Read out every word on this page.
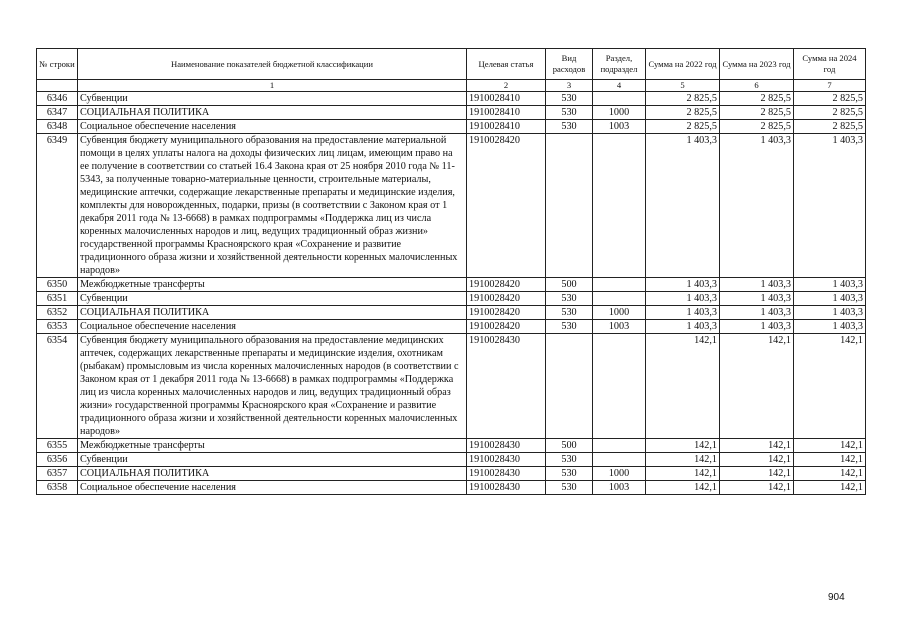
№ строки	Наименование показателей бюджетной классификации	Целевая статья	Вид расходов	Раздел, подраздел	Сумма на 2022 год	Сумма на 2023 год	Сумма на 2024 год
	1	2	3	4	5	6	7
6346	Субвенции	1910028410	530		2 825,5	2 825,5	2 825,5
6347	СОЦИАЛЬНАЯ ПОЛИТИКА	1910028410	530	1000	2 825,5	2 825,5	2 825,5
6348	Социальное обеспечение населения	1910028410	530	1003	2 825,5	2 825,5	2 825,5
6349	Субвенция бюджету муниципального образования на предоставление материальной помощи в целях уплаты налога на доходы физических лиц лицам, имеющим право на ее получение в соответствии со статьей 16.4 Закона края от 25 ноября 2010 года № 11-5343, за полученные товарно-материальные ценности, строительные материалы, медицинские аптечки, содержащие лекарственные препараты и медицинские изделия, комплекты для новорожденных, подарки, призы (в соответствии с Законом края от 1 декабря 2011 года № 13-6668) в рамках подпрограммы «Поддержка лиц из числа коренных малочисленных народов и лиц, ведущих традиционный образ жизни» государственной программы Красноярского края «Сохранение и развитие традиционного образа жизни и хозяйственной деятельности коренных малочисленных народов»	1910028420			1 403,3	1 403,3	1 403,3
6350	Межбюджетные трансферты	1910028420	500		1 403,3	1 403,3	1 403,3
6351	Субвенции	1910028420	530		1 403,3	1 403,3	1 403,3
6352	СОЦИАЛЬНАЯ ПОЛИТИКА	1910028420	530	1000	1 403,3	1 403,3	1 403,3
6353	Социальное обеспечение населения	1910028420	530	1003	1 403,3	1 403,3	1 403,3
6354	Субвенция бюджету муниципального образования на предоставление медицинских аптечек, содержащих лекарственные препараты и медицинские изделия, охотникам (рыбакам) промысловым из числа коренных малочисленных народов (в соответствии с Законом края от 1 декабря 2011 года № 13-6668) в рамках подпрограммы «Поддержка лиц из числа коренных малочисленных народов и лиц, ведущих традиционный образ жизни» государственной программы Красноярского края «Сохранение и развитие традиционного образа жизни и хозяйственной деятельности коренных малочисленных народов»	1910028430			142,1	142,1	142,1
6355	Межбюджетные трансферты	1910028430	500		142,1	142,1	142,1
6356	Субвенции	1910028430	530		142,1	142,1	142,1
6357	СОЦИАЛЬНАЯ ПОЛИТИКА	1910028430	530	1000	142,1	142,1	142,1
6358	Социальное обеспечение населения	1910028430	530	1003	142,1	142,1	142,1
904
